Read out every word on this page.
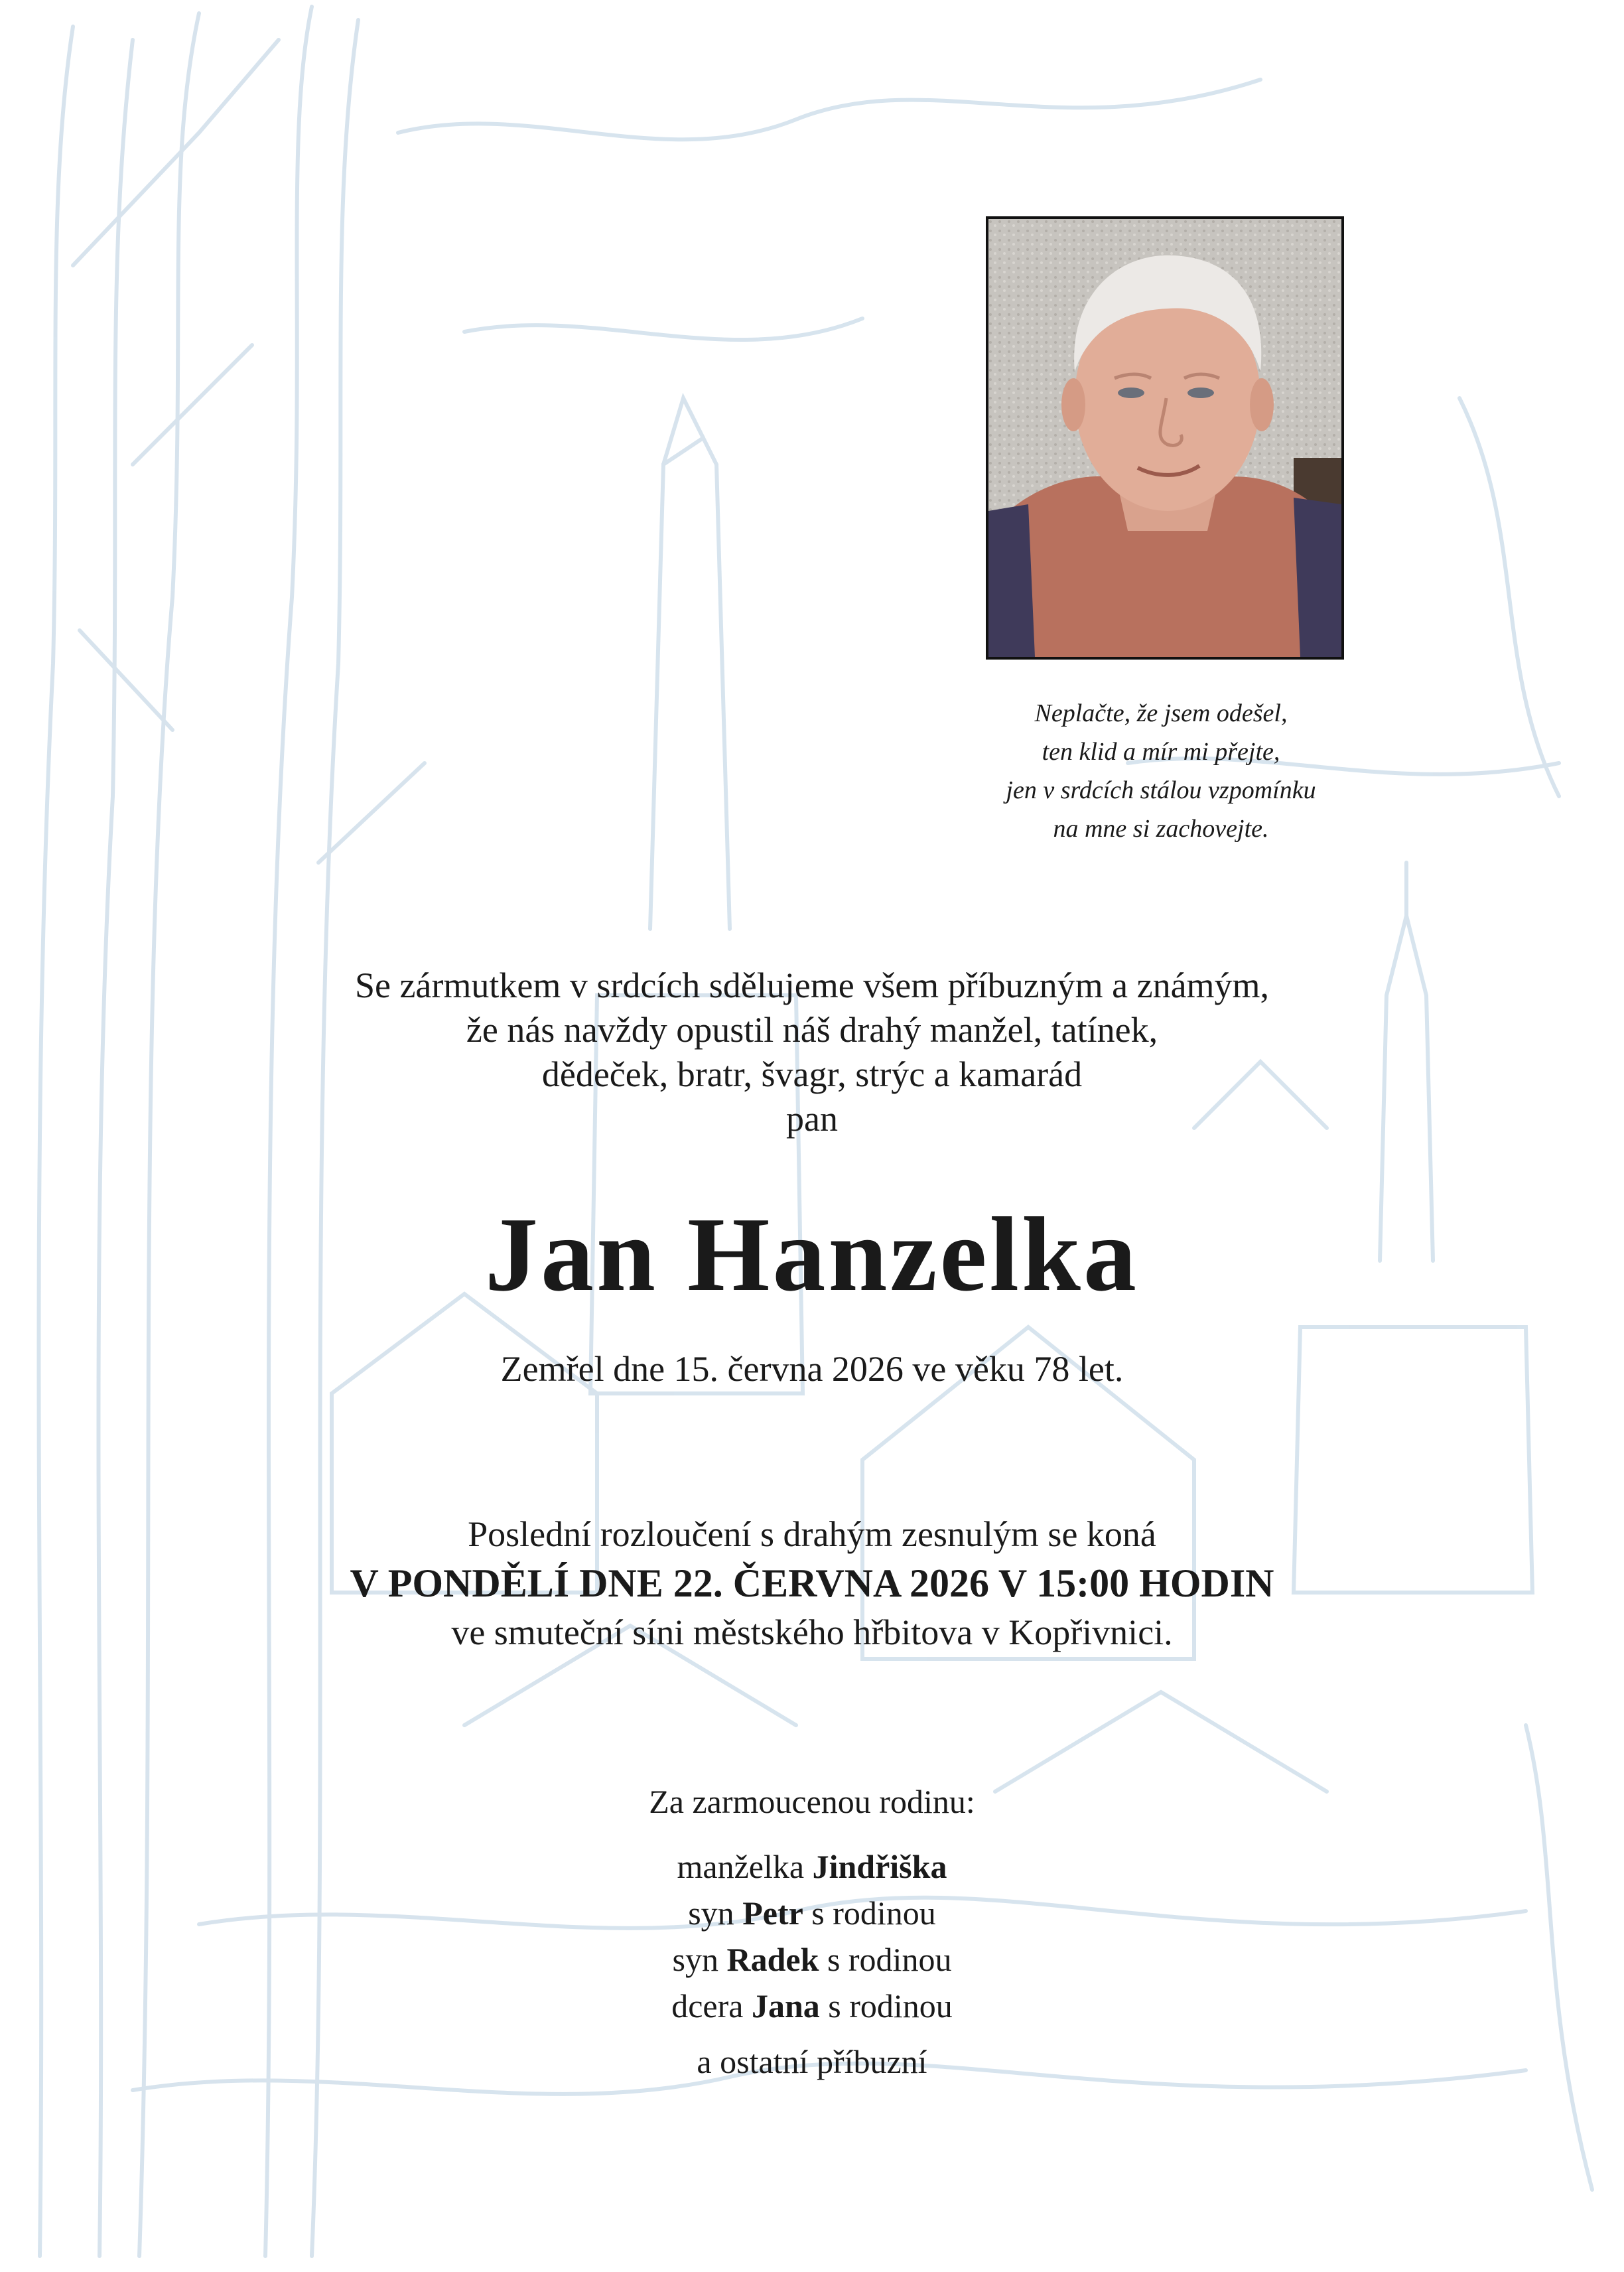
Neplačte, že jsem odešel,
ten klid a mír mi přejte,
jen v srdcích stálou vzpomínku
na mne si zachovejte.
Se zármutkem v srdcích sdělujeme všem příbuzným a známým,
že nás navždy opustil náš drahý manžel, tatínek,
dědeček, bratr, švagr, strýc a kamarád
pan
Jan Hanzelka
Zemřel dne 15. června 2026 ve věku 78 let.
Poslední rozloučení s drahým zesnulým se koná
V PONDĚLÍ DNE 22. ČERVNA 2026 V 15:00 HODIN
ve smuteční síni městského hřbitova v Kopřivnici.
Za zarmoucenou rodinu:
manželka Jindřiška
syn Petr s rodinou
syn Radek s rodinou
dcera Jana s rodinou
a ostatní příbuzní
